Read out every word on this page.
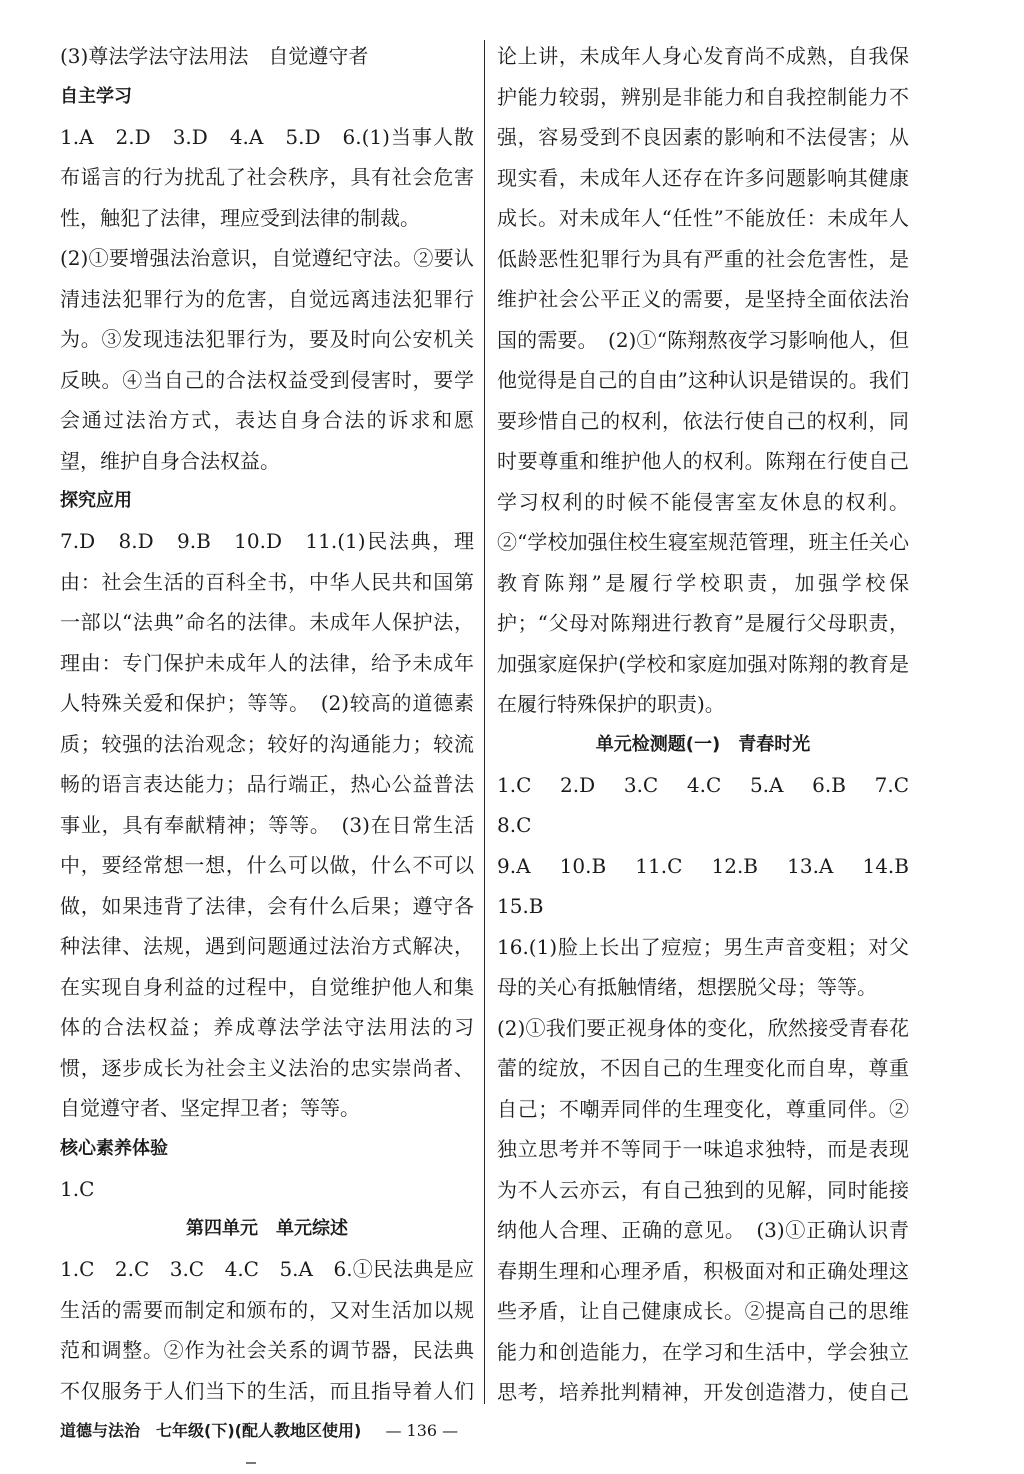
(3)尊法学法守法用法　自觉遵守者

自主学习

1.A　2.D　3.D　4.A　5.D　6.(1)当事人散布谣言的行为扰乱了社会秩序，具有社会危害性，触犯了法律，理应受到法律的制裁。

(2)①要增强法治意识，自觉遵纪守法。②要认清违法犯罪行为的危害，自觉远离违法犯罪行为。③发现违法犯罪行为，要及时向公安机关反映。④当自己的合法权益受到侵害时，要学会通过法治方式，表达自身合法的诉求和愿望，维护自身合法权益。

探究应用

7.D　8.D　9.B　10.D　11.(1)民法典，理由：社会生活的百科全书，中华人民共和国第一部以“法典”命名的法律。未成年人保护法，理由：专门保护未成年人的法律，给予未成年人特殊关爱和保护；等等。　(2)较高的道德素质；较强的法治观念；较好的沟通能力；较流畅的语言表达能力；品行端正，热心公益普法事业，具有奉献精神；等等。　(3)在日常生活中，要经常想一想，什么可以做，什么不可以做，如果违背了法律，会有什么后果；遵守各种法律、法规，遇到问题通过法治方式解决，在实现自身利益的过程中，自觉维护他人和集体的合法权益；养成尊法学法守法用法的习惯，逐步成长为社会主义法治的忠实崇尚者、自觉遵守者、坚定捍卫者；等等。

核心素养体验

1.C

第四单元　单元综述

1.C　2.C　3.C　4.C　5.A　6.①民法典是应生活的需要而制定和颁布的，又对生活加以规范和调整。②作为社会关系的调节器，民法典不仅服务于人们当下的生活，而且指导着人们　　　　

论上讲，未成年人身心发育尚不成熟，自我保护能力较弱，辨别是非能力和自我控制能力不强，容易受到不良因素的影响和不法侵害；从现实看，未成年人还存在许多问题影响其健康成长。对未成年人“任性”不能放任：未成年人低龄恶性犯罪行为具有严重的社会危害性，是维护社会公平正义的需要，是坚持全面依法治国的需要。　(2)①“陈翔熬夜学习影响他人，但他觉得是自己的自由”这种认识是错误的。我们要珍惜自己的权利，依法行使自己的权利，同时要尊重和维护他人的权利。陈翔在行使自己学习权利的时候不能侵害室友休息的权利。②“学校加强住校生寝室规范管理，班主任关心教育陈翔”是履行学校职责，加强学校保护；“父母对陈翔进行教育”是履行父母职责，加强家庭保护(学校和家庭加强对陈翔的教育是在履行特殊保护的职责)。

单元检测题(一)　青春时光

1.C　2.D　3.C　4.C　5.A　6.B　7.C　8.C

9.A　10.B　11.C　12.B　13.A　14.B　15.B

16.(1)脸上长出了痘痘；男生声音变粗；对父母的关心有抵触情绪，想摆脱父母；等等。

(2)①我们要正视身体的变化，欣然接受青春花蕾的绽放，不因自己的生理变化而自卑，尊重自己；不嘲弄同伴的生理变化，尊重同伴。②独立思考并不等同于一味追求独特，而是表现为不人云亦云，有自己独到的见解，同时能接纳他人合理、正确的意见。　(3)①正确认识青春期生理和心理矛盾，积极面对和正确处理这些矛盾，让自己健康成长。②提高自己的思维能力和创造能力，在学习和生活中，学会独立思考，培养批判精神，开发创造潜力，使自己

道德与法治　七年级(下)(配人教地区使用) — 136 —
